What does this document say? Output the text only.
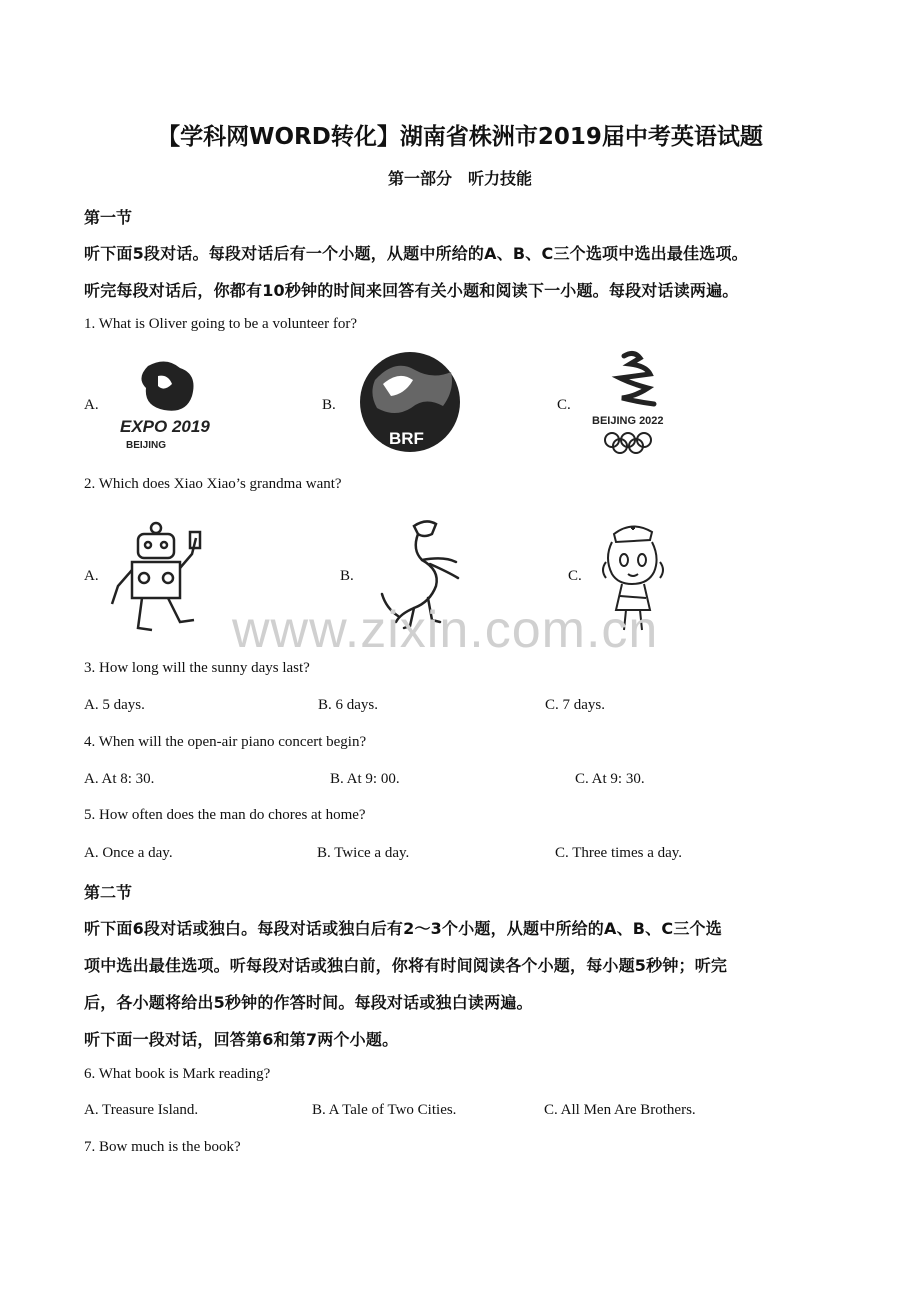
【学科网WORD转化】湖南省株洲市2019届中考英语试题
第一部分　听力技能
第一节
听下面5段对话。每段对话后有一个小题，从题中所给的A、B、C三个选项中选出最佳选项。
听完每段对话后，你都有10秒钟的时间来回答有关小题和阅读下一小题。每段对话读两遍。
1. What is Oliver going to be a volunteer for?
A.	B.	C.
EXPO 2019
BEIJING	BRF
BEIJING 2022
2. Which does Xiao Xiao’s grandma want?
A.	B.	C.
www.zixin.com.cn
3. How long will the sunny days last?
A. 5 days.	B. 6 days.	C. 7 days.
4. When will the open-air piano concert begin?
A. At 8: 30.	B. At 9: 00.	C. At 9: 30.
5. How often does the man do chores at home?
A. Once a day.	B. Twice a day.	C. Three times a day.
第二节
听下面6段对话或独白。每段对话或独白后有2～3个小题，从题中所给的A、B、C三个选
项中选出最佳选项。听每段对话或独白前，你将有时间阅读各个小题，每小题5秒钟；听完
后，各小题将给出5秒钟的作答时间。每段对话或独白读两遍。
听下面一段对话，回答第6和第7两个小题。
6. What book is Mark reading?
A. Treasure Island.	B. A Tale of Two Cities.	C. All Men Are Brothers.
7. Bow much is the book?
